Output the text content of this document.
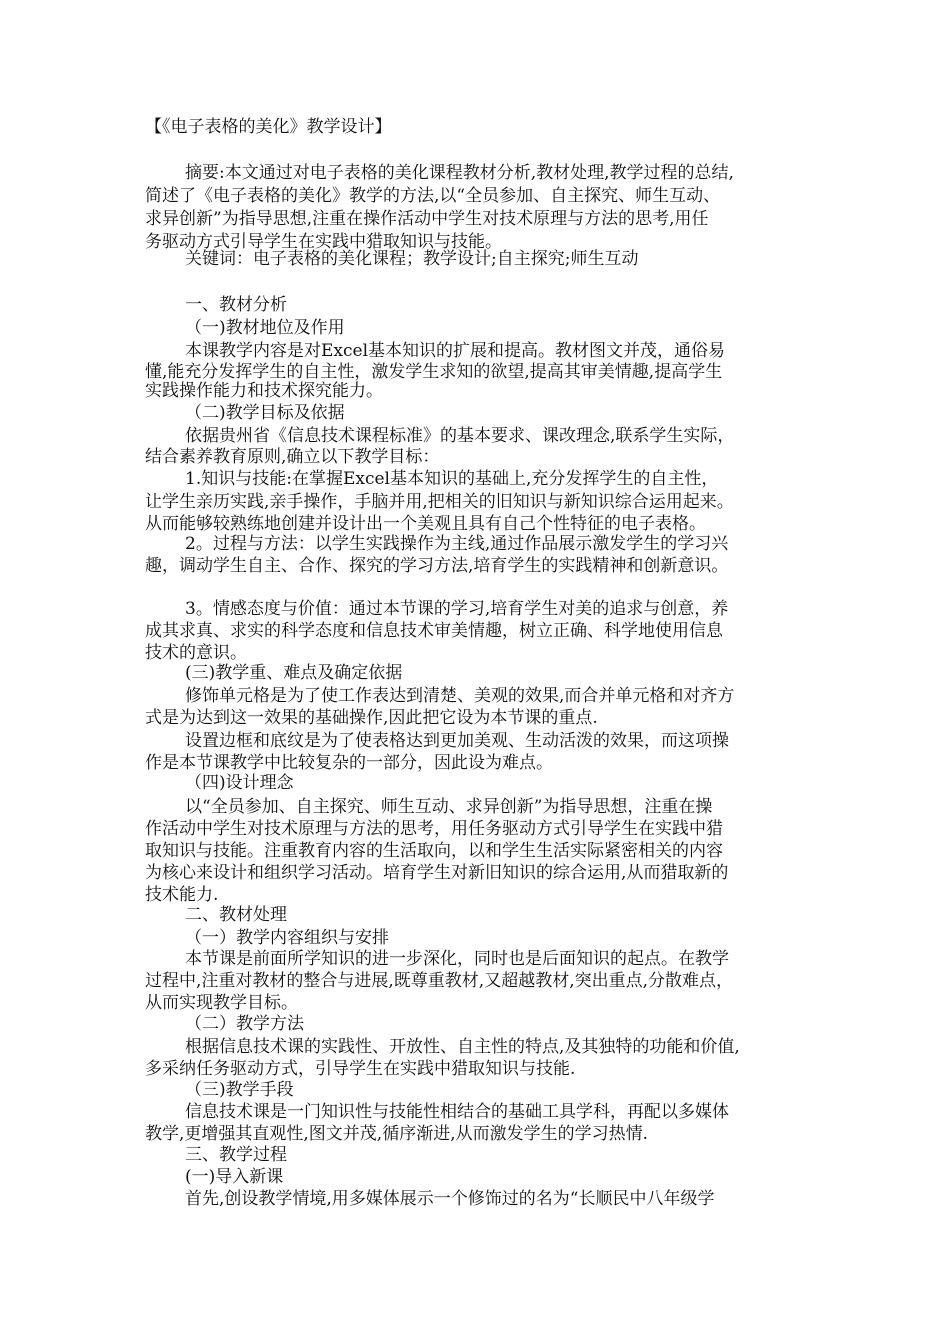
【《电子表格的美化》教学设计】
摘要:本文通过对电子表格的美化课程教材分析,教材处理,教学过程的总结,
简述了《电子表格的美化》教学的方法,以“全员参加、自主探究、师生互动、
求异创新”为指导思想,注重在操作活动中学生对技术原理与方法的思考,用任
务驱动方式引导学生在实践中猎取知识与技能。
关键词：电子表格的美化课程；教学设计;自主探究;师生互动
一、教材分析
（一)教材地位及作用
本课教学内容是对Excel基本知识的扩展和提高。教材图文并茂，通俗易
懂,能充分发挥学生的自主性，激发学生求知的欲望,提高其审美情趣,提高学生
实践操作能力和技术探究能力。
（二)教学目标及依据
依据贵州省《信息技术课程标准》的基本要求、课改理念,联系学生实际，
结合素养教育原则,确立以下教学目标：
1.知识与技能:在掌握Excel基本知识的基础上,充分发挥学生的自主性，
让学生亲历实践,亲手操作，手脑并用,把相关的旧知识与新知识综合运用起来。
从而能够较熟练地创建并设计出一个美观且具有自己个性特征的电子表格。
2。过程与方法：以学生实践操作为主线,通过作品展示激发学生的学习兴
趣，调动学生自主、合作、探究的学习方法,培育学生的实践精神和创新意识。
3。情感态度与价值：通过本节课的学习,培育学生对美的追求与创意，养
成其求真、求实的科学态度和信息技术审美情趣，树立正确、科学地使用信息
技术的意识。
(三)教学重、难点及确定依据
修饰单元格是为了使工作表达到清楚、美观的效果,而合并单元格和对齐方
式是为达到这一效果的基础操作,因此把它设为本节课的重点.
设置边框和底纹是为了使表格达到更加美观、生动活泼的效果，而这项操
作是本节课教学中比较复杂的一部分，因此设为难点。
（四)设计理念
以“全员参加、自主探究、师生互动、求异创新”为指导思想，注重在操
作活动中学生对技术原理与方法的思考，用任务驱动方式引导学生在实践中猎
取知识与技能。注重教育内容的生活取向，以和学生生活实际紧密相关的内容
为核心来设计和组织学习活动。培育学生对新旧知识的综合运用,从而猎取新的
技术能力.
二、教材处理
（一）教学内容组织与安排
本节课是前面所学知识的进一步深化，同时也是后面知识的起点。在教学
过程中,注重对教材的整合与进展,既尊重教材,又超越教材,突出重点,分散难点，
从而实现教学目标。
（二）教学方法
根据信息技术课的实践性、开放性、自主性的特点,及其独特的功能和价值,
多采纳任务驱动方式，引导学生在实践中猎取知识与技能.
（三)教学手段
信息技术课是一门知识性与技能性相结合的基础工具学科，再配以多媒体
教学,更增强其直观性,图文并茂,循序渐进,从而激发学生的学习热情.
三、教学过程
(一)导入新课
首先,创设教学情境,用多媒体展示一个修饰过的名为“长顺民中八年级学
